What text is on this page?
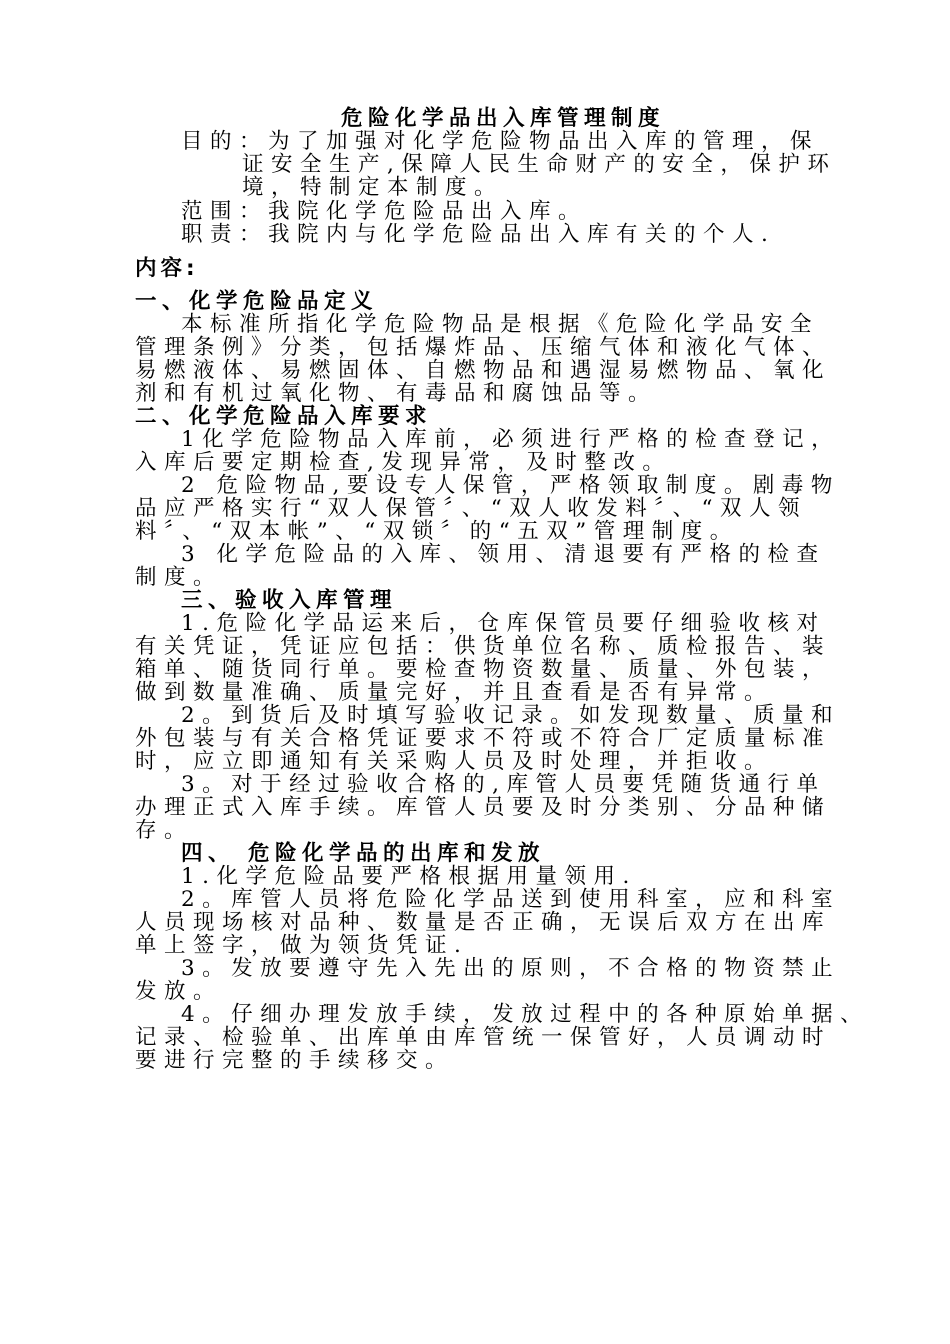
危险化学品出入库管理制度
目的：为了加强对化学危险物品出入库的管理，保
证安全生产,保障人民生命财产的安全，保护环
境，特制定本制度。
范围：我院化学危险品出入库。
职责：我院内与化学危险品出入库有关的个人.
内容:
一、化学危险品定义
本标准所指化学危险物品是根据《危险化学品安全
管理条例》分类，包括爆炸品、压缩气体和液化气体、
易燃液体、易燃固体、自燃物品和遇湿易燃物品、氧化
剂和有机过氧化物、有毒品和腐蚀品等。
二、化学危险品入库要求
1化学危险物品入库前，必须进行严格的检查登记，
入库后要定期检查,发现异常，及时整改。
2 危险物品,要设专人保管，严格领取制度。剧毒物
品应严格实行“双人保管〞、“双人收发料〞、“双人领
料〞、“双本帐”、“双锁〞的“五双”管理制度。
3 化学危险品的入库、领用、清退要有严格的检查
制度。
三、验收入库管理
1.危险化学品运来后，仓库保管员要仔细验收核对
有关凭证，凭证应包括：供货单位名称、质检报告、装
箱单、随货同行单。要检查物资数量、质量、外包装，
做到数量准确、质量完好，并且查看是否有异常。
2。到货后及时填写验收记录。如发现数量、质量和
外包装与有关合格凭证要求不符或不符合厂定质量标准
时，应立即通知有关采购人员及时处理，并拒收。
3。对于经过验收合格的,库管人员要凭随货通行单
办理正式入库手续。库管人员要及时分类别、分品种储
存。
四、 危险化学品的出库和发放
1.化学危险品要严格根据用量领用.
2。库管人员将危险化学品送到使用科室，应和科室
人员现场核对品种、数量是否正确，无误后双方在出库
单上签字，做为领货凭证.
3。发放要遵守先入先出的原则，不合格的物资禁止
发放。
4。仔细办理发放手续，发放过程中的各种原始单据、
记录、检验单、出库单由库管统一保管好，人员调动时
要进行完整的手续移交。
